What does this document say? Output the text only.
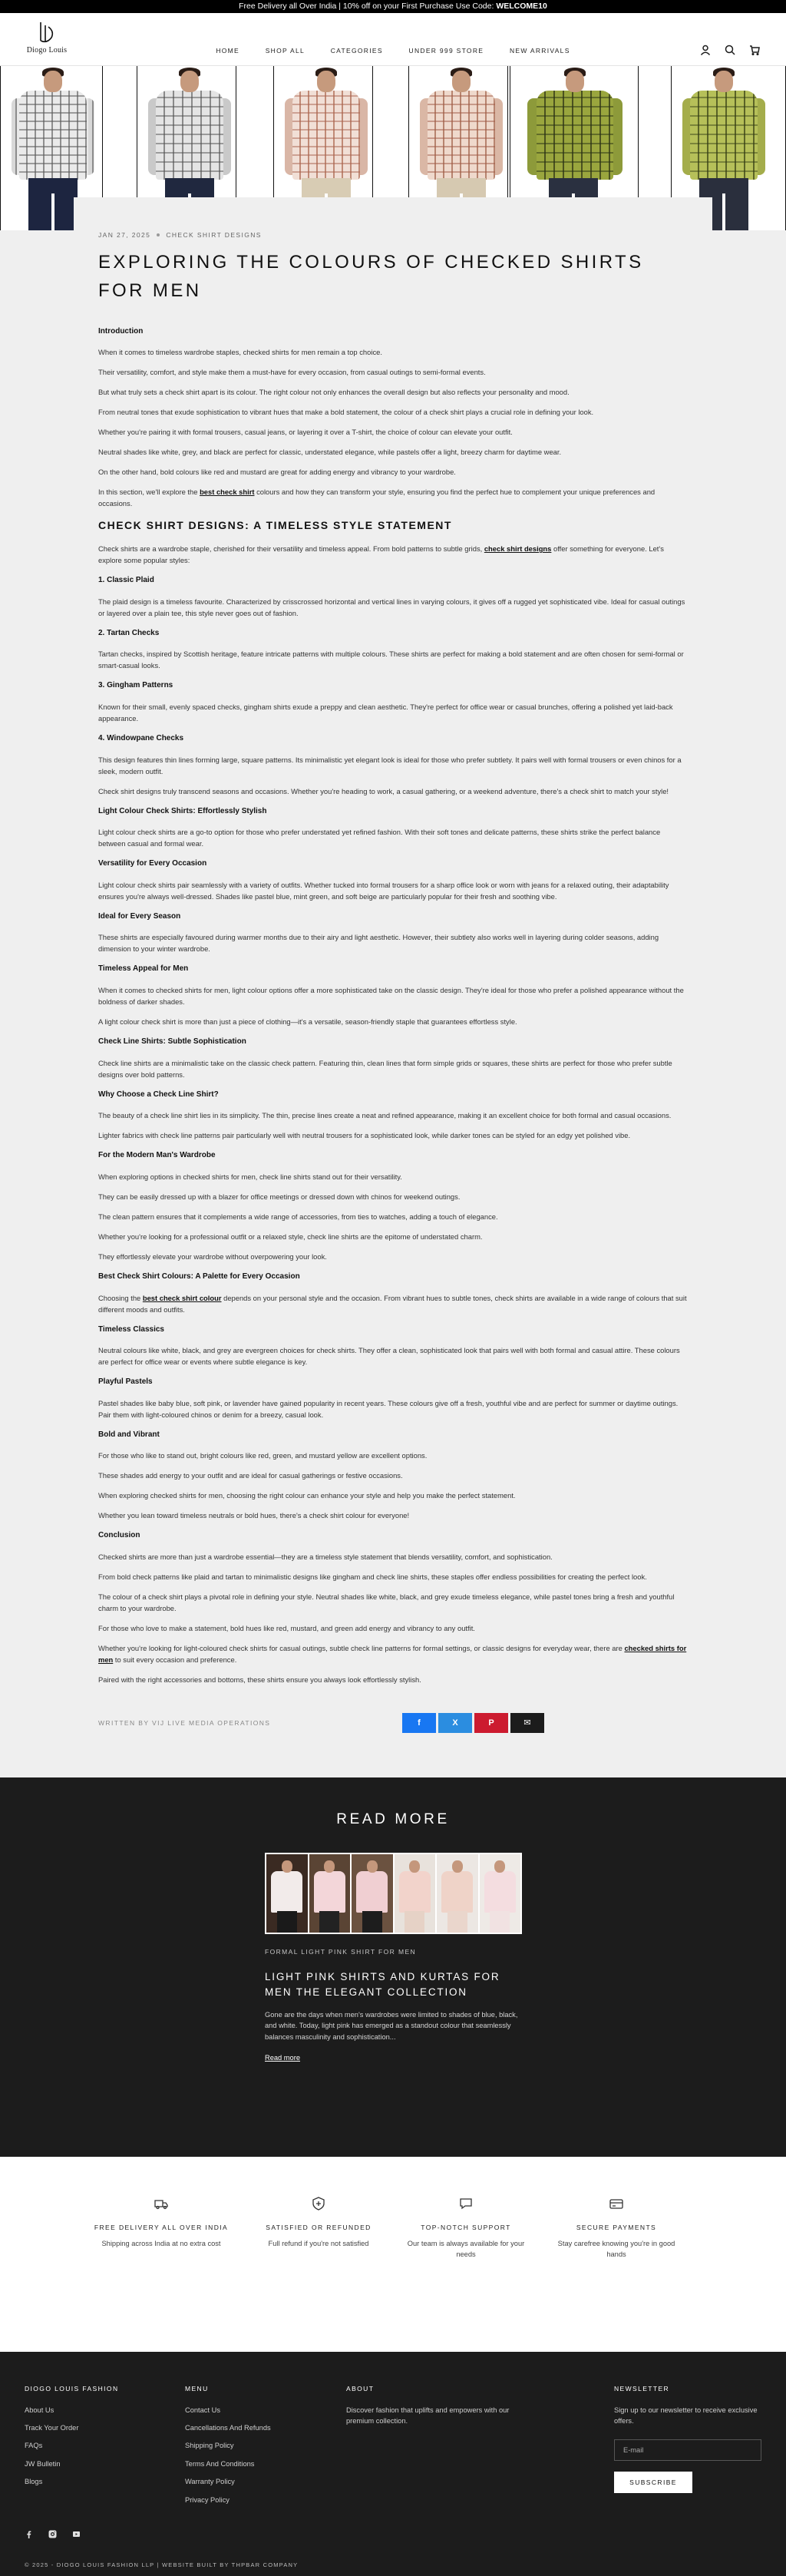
Free Delivery all Over India | 10% off on your First Purchase Use Code: WELCOME10
Diogo Louis	HOME	SHOP ALL	CATEGORIES	UNDER 999 STORE	NEW ARRIVALS
JAN 27, 2025 CHECK SHIRT DESIGNS
EXPLORING THE COLOURS OF CHECKED SHIRTS FOR MEN
Introduction

When it comes to timeless wardrobe staples, checked shirts for men remain a top choice.

Their versatility, comfort, and style make them a must-have for every occasion, from casual outings to semi-formal events.

But what truly sets a check shirt apart is its colour. The right colour not only enhances the overall design but also reflects your personality and mood.

From neutral tones that exude sophistication to vibrant hues that make a bold statement, the colour of a check shirt plays a crucial role in defining your look.

Whether you're pairing it with formal trousers, casual jeans, or layering it over a T-shirt, the choice of colour can elevate your outfit.

Neutral shades like white, grey, and black are perfect for classic, understated elegance, while pastels offer a light, breezy charm for daytime wear.

On the other hand, bold colours like red and mustard are great for adding energy and vibrancy to your wardrobe.

In this section, we'll explore the best check shirt colours and how they can transform your style, ensuring you find the perfect hue to complement your unique preferences and occasions.

CHECK SHIRT DESIGNS: A TIMELESS STYLE STATEMENT

Check shirts are a wardrobe staple, cherished for their versatility and timeless appeal. From bold patterns to subtle grids, check shirt designs offer something for everyone. Let's explore some popular styles:

1. Classic Plaid

The plaid design is a timeless favourite. Characterized by crisscrossed horizontal and vertical lines in varying colours, it gives off a rugged yet sophisticated vibe. Ideal for casual outings or layered over a plain tee, this style never goes out of fashion.

2. Tartan Checks

Tartan checks, inspired by Scottish heritage, feature intricate patterns with multiple colours. These shirts are perfect for making a bold statement and are often chosen for semi-formal or smart-casual looks.

3. Gingham Patterns

Known for their small, evenly spaced checks, gingham shirts exude a preppy and clean aesthetic. They're perfect for office wear or casual brunches, offering a polished yet laid-back appearance.

4. Windowpane Checks

This design features thin lines forming large, square patterns. Its minimalistic yet elegant look is ideal for those who prefer subtlety. It pairs well with formal trousers or even chinos for a sleek, modern outfit.

Check shirt designs truly transcend seasons and occasions. Whether you're heading to work, a casual gathering, or a weekend adventure, there's a check shirt to match your style!

Light Colour Check Shirts: Effortlessly Stylish

Light colour check shirts are a go-to option for those who prefer understated yet refined fashion. With their soft tones and delicate patterns, these shirts strike the perfect balance between casual and formal wear.

Versatility for Every Occasion

Light colour check shirts pair seamlessly with a variety of outfits. Whether tucked into formal trousers for a sharp office look or worn with jeans for a relaxed outing, their adaptability ensures you're always well-dressed. Shades like pastel blue, mint green, and soft beige are particularly popular for their fresh and soothing vibe.

Ideal for Every Season

These shirts are especially favoured during warmer months due to their airy and light aesthetic. However, their subtlety also works well in layering during colder seasons, adding dimension to your winter wardrobe.

Timeless Appeal for Men

When it comes to checked shirts for men, light colour options offer a more sophisticated take on the classic design. They're ideal for those who prefer a polished appearance without the boldness of darker shades.

A light colour check shirt is more than just a piece of clothing—it's a versatile, season-friendly staple that guarantees effortless style.

Check Line Shirts: Subtle Sophistication

Check line shirts are a minimalistic take on the classic check pattern. Featuring thin, clean lines that form simple grids or squares, these shirts are perfect for those who prefer subtle designs over bold patterns.

Why Choose a Check Line Shirt?

The beauty of a check line shirt lies in its simplicity. The thin, precise lines create a neat and refined appearance, making it an excellent choice for both formal and casual occasions.

Lighter fabrics with check line patterns pair particularly well with neutral trousers for a sophisticated look, while darker tones can be styled for an edgy yet polished vibe.

For the Modern Man's Wardrobe

When exploring options in checked shirts for men, check line shirts stand out for their versatility.

They can be easily dressed up with a blazer for office meetings or dressed down with chinos for weekend outings.

The clean pattern ensures that it complements a wide range of accessories, from ties to watches, adding a touch of elegance.

Whether you're looking for a professional outfit or a relaxed style, check line shirts are the epitome of understated charm.

They effortlessly elevate your wardrobe without overpowering your look.

Best Check Shirt Colours: A Palette for Every Occasion

Choosing the best check shirt colour depends on your personal style and the occasion. From vibrant hues to subtle tones, check shirts are available in a wide range of colours that suit different moods and outfits.

Timeless Classics

Neutral colours like white, black, and grey are evergreen choices for check shirts. They offer a clean, sophisticated look that pairs well with both formal and casual attire. These colours are perfect for office wear or events where subtle elegance is key.

Playful Pastels

Pastel shades like baby blue, soft pink, or lavender have gained popularity in recent years. These colours give off a fresh, youthful vibe and are perfect for summer or daytime outings. Pair them with light-coloured chinos or denim for a breezy, casual look.

Bold and Vibrant

For those who like to stand out, bright colours like red, green, and mustard yellow are excellent options.

These shades add energy to your outfit and are ideal for casual gatherings or festive occasions.

When exploring checked shirts for men, choosing the right colour can enhance your style and help you make the perfect statement.

Whether you lean toward timeless neutrals or bold hues, there's a check shirt colour for everyone!

Conclusion

Checked shirts are more than just a wardrobe essential—they are a timeless style statement that blends versatility, comfort, and sophistication.

From bold check patterns like plaid and tartan to minimalistic designs like gingham and check line shirts, these staples offer endless possibilities for creating the perfect look.

The colour of a check shirt plays a pivotal role in defining your style. Neutral shades like white, black, and grey exude timeless elegance, while pastel tones bring a fresh and youthful charm to your wardrobe.

For those who love to make a statement, bold hues like red, mustard, and green add energy and vibrancy to any outfit.

Whether you're looking for light-coloured check shirts for casual outings, subtle check line patterns for formal settings, or classic designs for everyday wear, there are checked shirts for men to suit every occasion and preference.

Paired with the right accessories and bottoms, these shirts ensure you always look effortlessly stylish.

WRITTEN BY VIJ LIVE MEDIA OPERATIONS	f	X	P	✉
READ MORE
FORMAL LIGHT PINK SHIRT FOR MEN
LIGHT PINK SHIRTS AND KURTAS FOR MEN THE ELEGANT COLLECTION
Gone are the days when men's wardrobes were limited to shades of blue, black, and white. Today, light pink has emerged as a standout colour that seamlessly balances masculinity and sophistication...
Read more
FREE DELIVERY ALL OVER INDIA
Shipping across India at no extra cost
SATISFIED OR REFUNDED
Full refund if you're not satisfied
TOP-NOTCH SUPPORT
Our team is always available for your needs
SECURE PAYMENTS
Stay carefree knowing you're in good hands
DIOGO LOUIS FASHION
About Us
Track Your Order
FAQs
JW Bulletin
Blogs
MENU
Contact Us
Cancellations And Refunds
Shipping Policy
Terms And Conditions
Warranty Policy
Privacy Policy
ABOUT
Discover fashion that uplifts and empowers with our premium collection.
NEWSLETTER
Sign up to our newsletter to receive exclusive offers.
E-mail
SUBSCRIBE
© 2025 - DIOGO LOUIS FASHION LLP | WEBSITE BUILT BY THPBAR COMPANY
